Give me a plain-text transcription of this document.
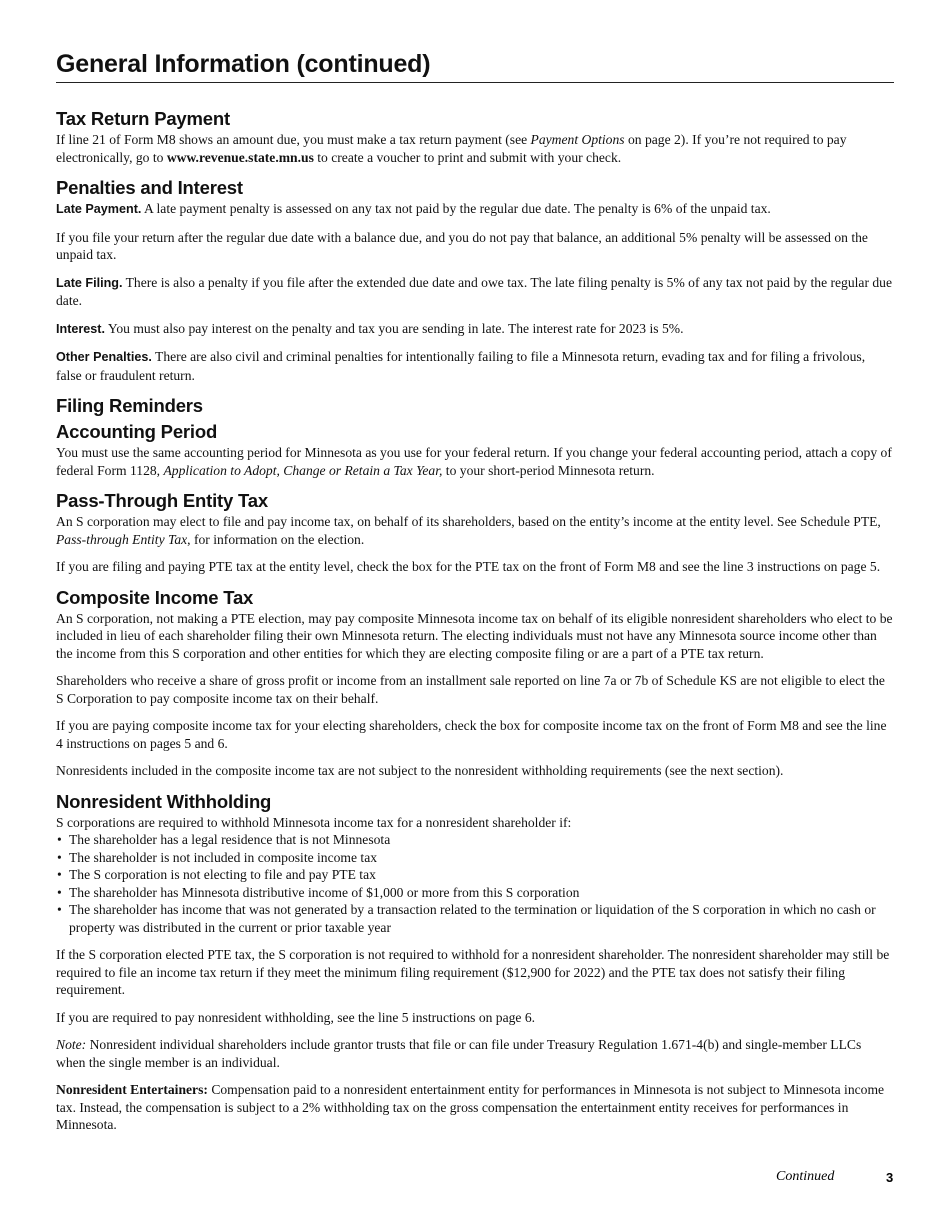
General Information (continued)
Tax Return Payment

If line 21 of Form M8 shows an amount due, you must make a tax return payment (see Payment Options on page 2). If you’re not required to pay electronically, go to www.revenue.state.mn.us to create a voucher to print and submit with your check.

Penalties and Interest

Late Payment. A late payment penalty is assessed on any tax not paid by the regular due date. The penalty is 6% of the unpaid tax.

If you file your return after the regular due date with a balance due, and you do not pay that balance, an additional 5% penalty will be assessed on the unpaid tax.

Late Filing. There is also a penalty if you file after the extended due date and owe tax. The late filing penalty is 5% of any tax not paid by the regular due date.

Interest. You must also pay interest on the penalty and tax you are sending in late. The interest rate for 2023 is 5%.

Other Penalties. There are also civil and criminal penalties for intentionally failing to file a Minnesota return, evading tax and for filing a frivolous, false or fraudulent return.

Filing Reminders
Accounting Period

You must use the same accounting period for Minnesota as you use for your federal return. If you change your federal accounting period, attach a copy of federal Form 1128, Application to Adopt, Change or Retain a Tax Year, to your short-period Minnesota return.

Pass-Through Entity Tax

An S corporation may elect to file and pay income tax, on behalf of its shareholders, based on the entity’s income at the entity level. See Schedule PTE, Pass-through Entity Tax, for information on the election.

If you are filing and paying PTE tax at the entity level, check the box for the PTE tax on the front of Form M8 and see the line 3 instructions on page 5.

Composite Income Tax

An S corporation, not making a PTE election, may pay composite Minnesota income tax on behalf of its eligible nonresident shareholders who elect to be included in lieu of each shareholder filing their own Minnesota return. The electing individuals must not have any Minnesota source income other than the income from this S corporation and other entities for which they are electing composite filing or are a part of a PTE tax return.

Shareholders who receive a share of gross profit or income from an installment sale reported on line 7a or 7b of Schedule KS are not eligible to elect the S Corporation to pay composite income tax on their behalf.

If you are paying composite income tax for your electing shareholders, check the box for composite income tax on the front of Form M8 and see the line 4 instructions on pages 5 and 6.

Nonresidents included in the composite income tax are not subject to the nonresident withholding requirements (see the next section).

Nonresident Withholding

S corporations are required to withhold Minnesota income tax for a nonresident shareholder if:

• The shareholder has a legal residence that is not Minnesota
• The shareholder is not included in composite income tax
• The S corporation is not electing to file and pay PTE tax
• The shareholder has Minnesota distributive income of $1,000 or more from this S corporation
• The shareholder has income that was not generated by a transaction related to the termination or liquidation of the S corporation in which no cash or property was distributed in the current or prior taxable year

If the S corporation elected PTE tax, the S corporation is not required to withhold for a nonresident shareholder. The nonresident shareholder may still be required to file an income tax return if they meet the minimum filing requirement ($12,900 for 2022) and the PTE tax does not satisfy their filing requirement.

If you are required to pay nonresident withholding, see the line 5 instructions on page 6.

Note: Nonresident individual shareholders include grantor trusts that file or can file under Treasury Regulation 1.671-4(b) and single-member LLCs when the single member is an individual.

Nonresident Entertainers: Compensation paid to a nonresident entertainment entity for performances in Minnesota is not subject to Minnesota income tax. Instead, the compensation is subject to a 2% withholding tax on the gross compensation the entertainment entity receives for performances in Minnesota.

Continued	3
